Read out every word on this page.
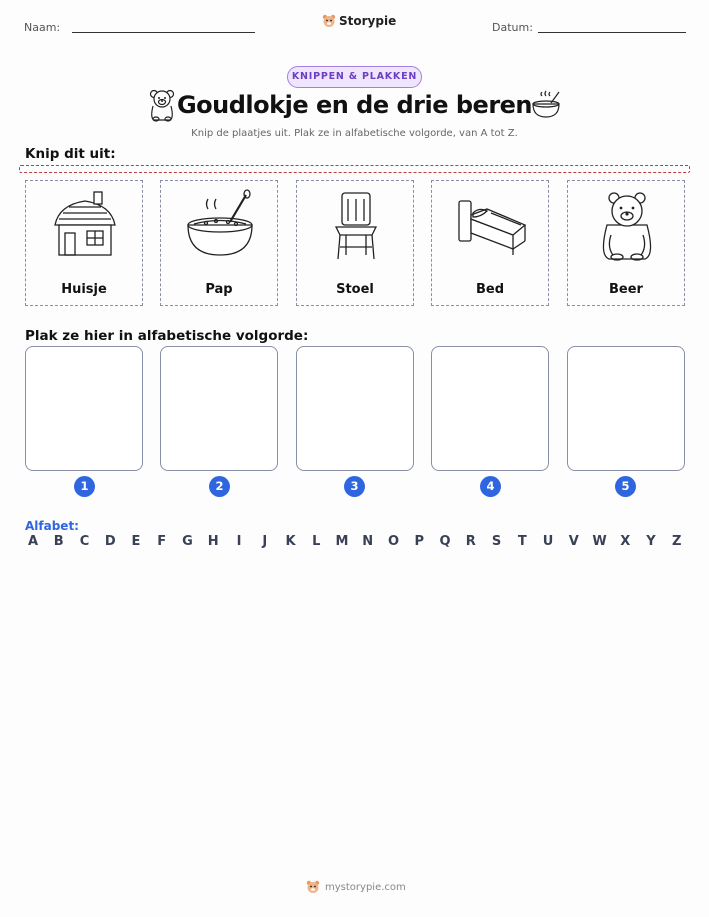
Naam:	Storypie	Datum:
KNIPPEN & PLAKKEN
Goudlokje en de drie beren
Knip de plaatjes uit. Plak ze in alfabetische volgorde, van A tot Z.
Knip dit uit:
Huisje	Pap	Stoel	Bed	Beer
Plak ze hier in alfabetische volgorde:
1	2	3	4	5
Alfabet:
A B C D E F G H	I	J	K L M N O P Q R S T U V W X Y Z
mystorypie.com
